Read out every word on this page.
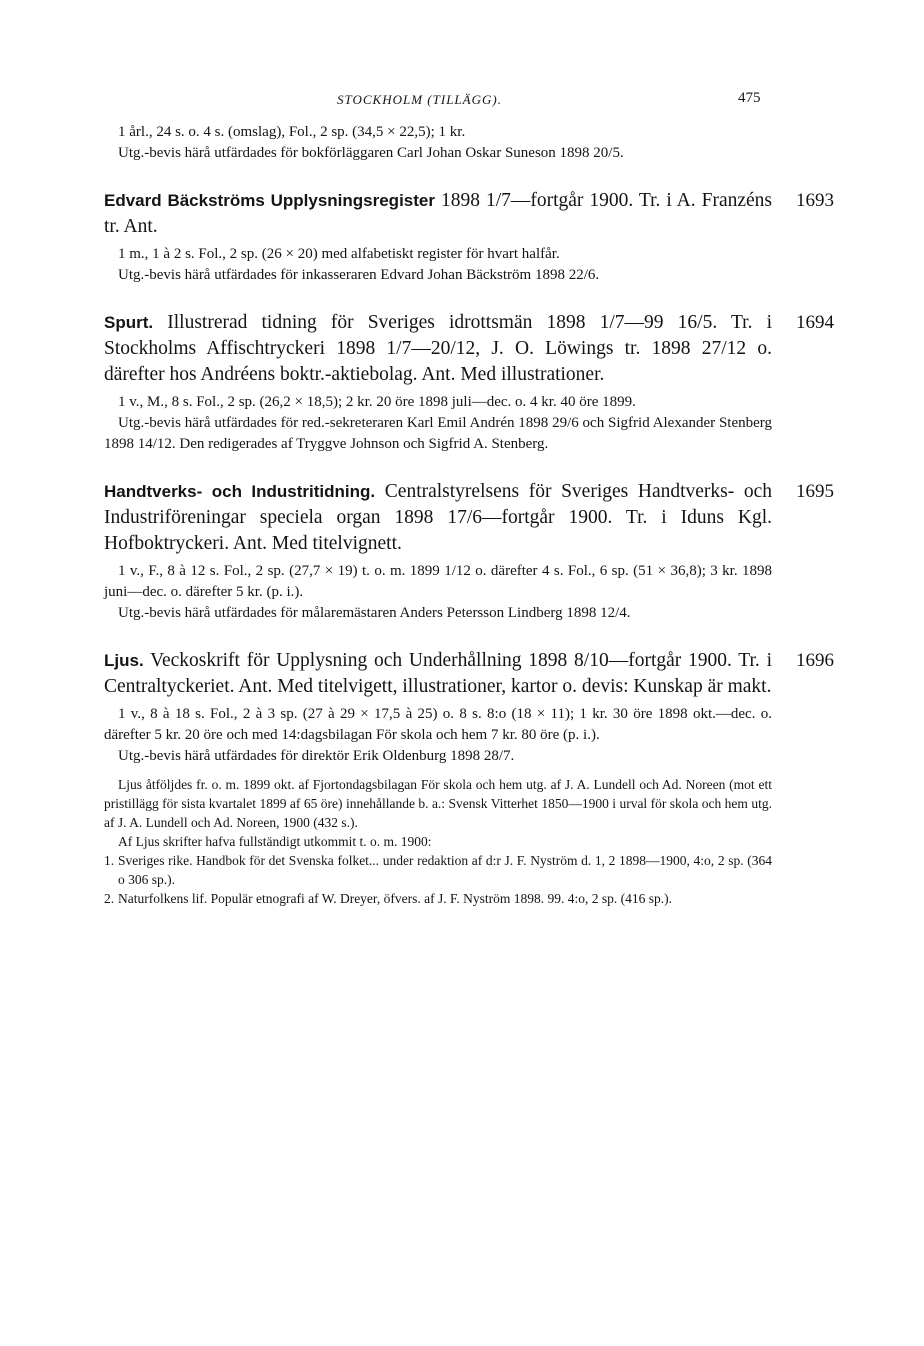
STOCKHOLM (TILLÄGG).	475

1 årl., 24 s. o. 4 s. (omslag), Fol., 2 sp. (34,5 × 22,5); 1 kr.

Utg.-bevis härå utfärdades för bokförläggaren Carl Johan Oskar Suneson 1898 20/5.

1693
Edvard Bäckströms Upplysningsregister 1898 1/7—fortgår 1900. Tr. i A. Franzéns tr. Ant.

1 m., 1 à 2 s. Fol., 2 sp. (26 × 20) med alfabetiskt register för hvart halfår.

Utg.-bevis härå utfärdades för inkasseraren Edvard Johan Bäckström 1898 22/6.

1694
Spurt. Illustrerad tidning för Sveriges idrottsmän 1898 1/7—99 16/5. Tr. i Stockholms Affischtryckeri 1898 1/7—20/12, J. O. Löwings tr. 1898 27/12 o. därefter hos Andréens boktr.-aktiebolag. Ant. Med illustrationer.

1 v., M., 8 s. Fol., 2 sp. (26,2 × 18,5); 2 kr. 20 öre 1898 juli—dec. o. 4 kr. 40 öre 1899.

Utg.-bevis härå utfärdades för red.-sekreteraren Karl Emil Andrén 1898 29/6 och Sigfrid Alexander Stenberg 1898 14/12. Den redigerades af Tryggve Johnson och Sigfrid A. Stenberg.

1695
Handtverks- och Industritidning. Centralstyrelsens för Sveriges Handtverks- och Industriföreningar speciela organ 1898 17/6—fortgår 1900. Tr. i Iduns Kgl. Hofboktryckeri. Ant. Med titelvignett.

1 v., F., 8 à 12 s. Fol., 2 sp. (27,7 × 19) t. o. m. 1899 1/12 o. därefter 4 s. Fol., 6 sp. (51 × 36,8); 3 kr. 1898 juni—dec. o. därefter 5 kr. (p. i.).

Utg.-bevis härå utfärdades för målaremästaren Anders Petersson Lindberg 1898 12/4.

1696
Ljus. Veckoskrift för Upplysning och Underhållning 1898 8/10—fortgår 1900. Tr. i Centraltyckeriet. Ant. Med titelvigett, illustrationer, kartor o. devis: Kunskap är makt.

1 v., 8 à 18 s. Fol., 2 à 3 sp. (27 à 29 × 17,5 à 25) o. 8 s. 8:o (18 × 11); 1 kr. 30 öre 1898 okt.—dec. o. därefter 5 kr. 20 öre och med 14:dagsbilagan För skola och hem 7 kr. 80 öre (p. i.).

Utg.-bevis härå utfärdades för direktör Erik Oldenburg 1898 28/7.

Ljus åtföljdes fr. o. m. 1899 okt. af Fjortondagsbilagan För skola och hem utg. af J. A. Lundell och Ad. Noreen (mot ett pristillägg för sista kvartalet 1899 af 65 öre) innehållande b. a.: Svensk Vitterhet 1850—1900 i urval för skola och hem utg. af J. A. Lundell och Ad. Noreen, 1900 (432 s.).

Af Ljus skrifter hafva fullständigt utkommit t. o. m. 1900:

1. Sveriges rike. Handbok för det Svenska folket... under redaktion af d:r J. F. Nyström d. 1, 2 1898—1900, 4:o, 2 sp. (364 o 306 sp.).
2. Naturfolkens lif. Populär etnografi af W. Dreyer, öfvers. af J. F. Nyström 1898. 99. 4:o, 2 sp. (416 sp.).
